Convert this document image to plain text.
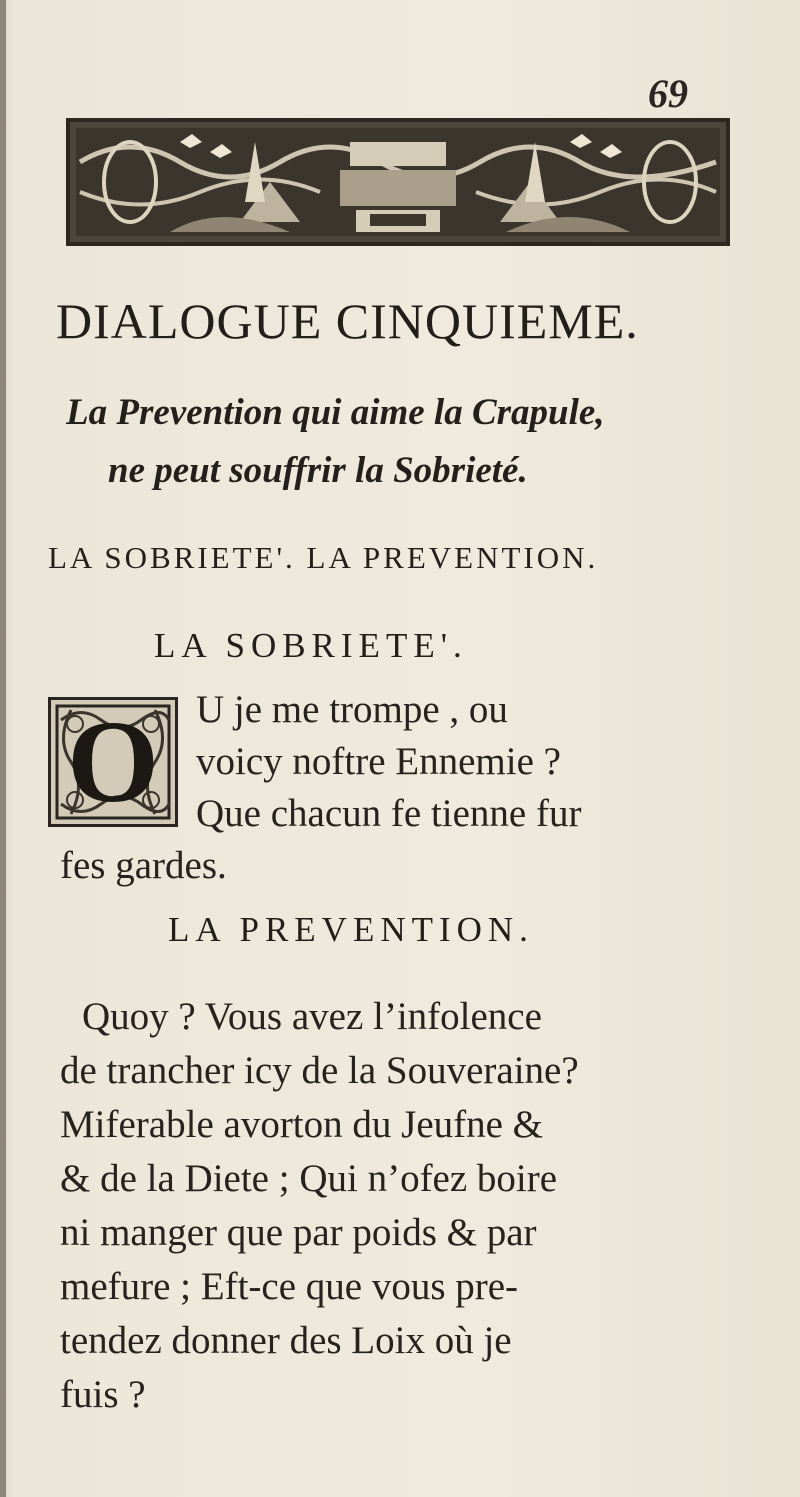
69
DIALOGUE CINQUIEME.
La Prevention qui aime la Crapule,
ne peut souffrir la Sobrieté.
LA SOBRIETE'. LA PREVENTION.
LA SOBRIETE'.
O U je me trompe , ou
voicy noftre Ennemie ?
Que chacun fe tienne fur
fes gardes.
LA PREVENTION.
Quoy ? Vous avez l’infolence
de trancher icy de la Souveraine?
Miferable avorton du Jeufne &
& de la Diete ; Qui n’ofez boire
ni manger que par poids & par
mefure ; Eft-ce que vous pre-
tendez donner des Loix où je
fuis ?
